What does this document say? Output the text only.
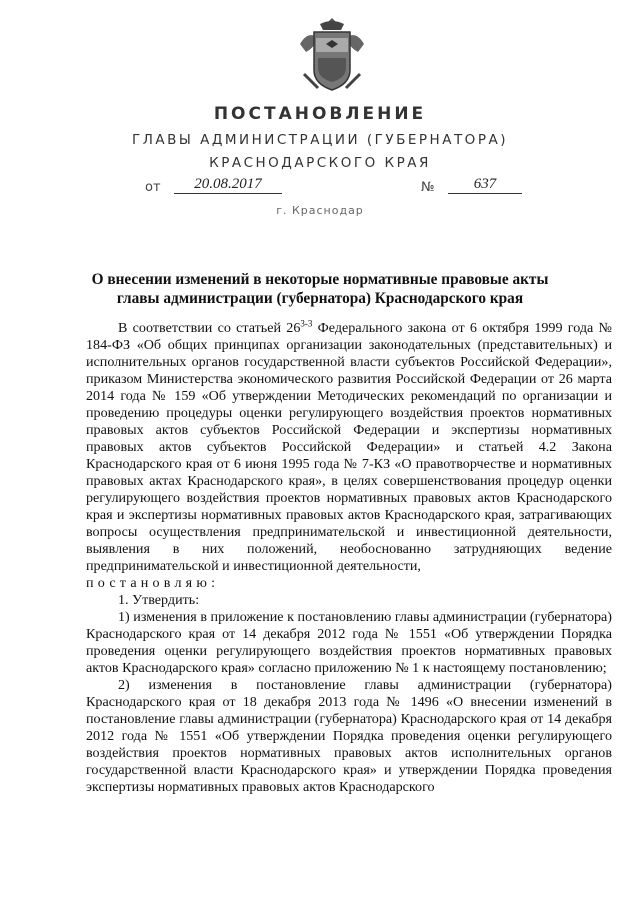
ПОСТАНОВЛЕНИЕ
ГЛАВЫ АДМИНИСТРАЦИИ (ГУБЕРНАТОРА)
КРАСНОДАРСКОГО КРАЯ
от	20.08.2017	№	637
г. Краснодар
О внесении изменений в некоторые нормативные правовые акты
главы администрации (губернатора) Краснодарского края

В соответствии со статьей 26$^{3-3}$ Федерального закона от 6 октября 1999 года № 184-ФЗ «Об общих принципах организации законодательных (представительных) и исполнительных органов государственной власти субъектов Российской Федерации», приказом Министерства экономического развития Российской Федерации от 26 марта 2014 года № 159 «Об утверждении Методических рекомендаций по организации и проведению процедуры оценки регулирующего воздействия проектов нормативных правовых актов субъектов Российской Федерации и экспертизы нормативных правовых актов субъектов Российской Федерации» и статьей 4.2 Закона Краснодарского края от 6 июня 1995 года № 7-КЗ «О правотворчестве и нормативных правовых актах Краснодарского края», в целях совершенствования процедур оценки регулирующего воздействия проектов нормативных правовых актов Краснодарского края и экспертизы нормативных правовых актов Краснодарского края, затрагивающих вопросы осуществления предпринимательской и инвестиционной деятельности, выявления в них положений, необоснованно затрудняющих ведение предпринимательской и инвестиционной деятельности,

постановляю:

1. Утвердить:

1) изменения в приложение к постановлению главы администрации (губернатора) Краснодарского края от 14 декабря 2012 года № 1551 «Об утверждении Порядка проведения оценки регулирующего воздействия проектов нормативных правовых актов Краснодарского края» согласно приложению № 1 к настоящему постановлению;

2) изменения в постановление главы администрации (губернатора) Краснодарского края от 18 декабря 2013 года № 1496 «О внесении изменений в постановление главы администрации (губернатора) Краснодарского края от 14 декабря 2012 года № 1551 «Об утверждении Порядка проведения оценки регулирующего воздействия проектов нормативных правовых актов исполнительных органов государственной власти Краснодарского края» и утверждении Порядка проведения экспертизы нормативных правовых актов Краснодарского
